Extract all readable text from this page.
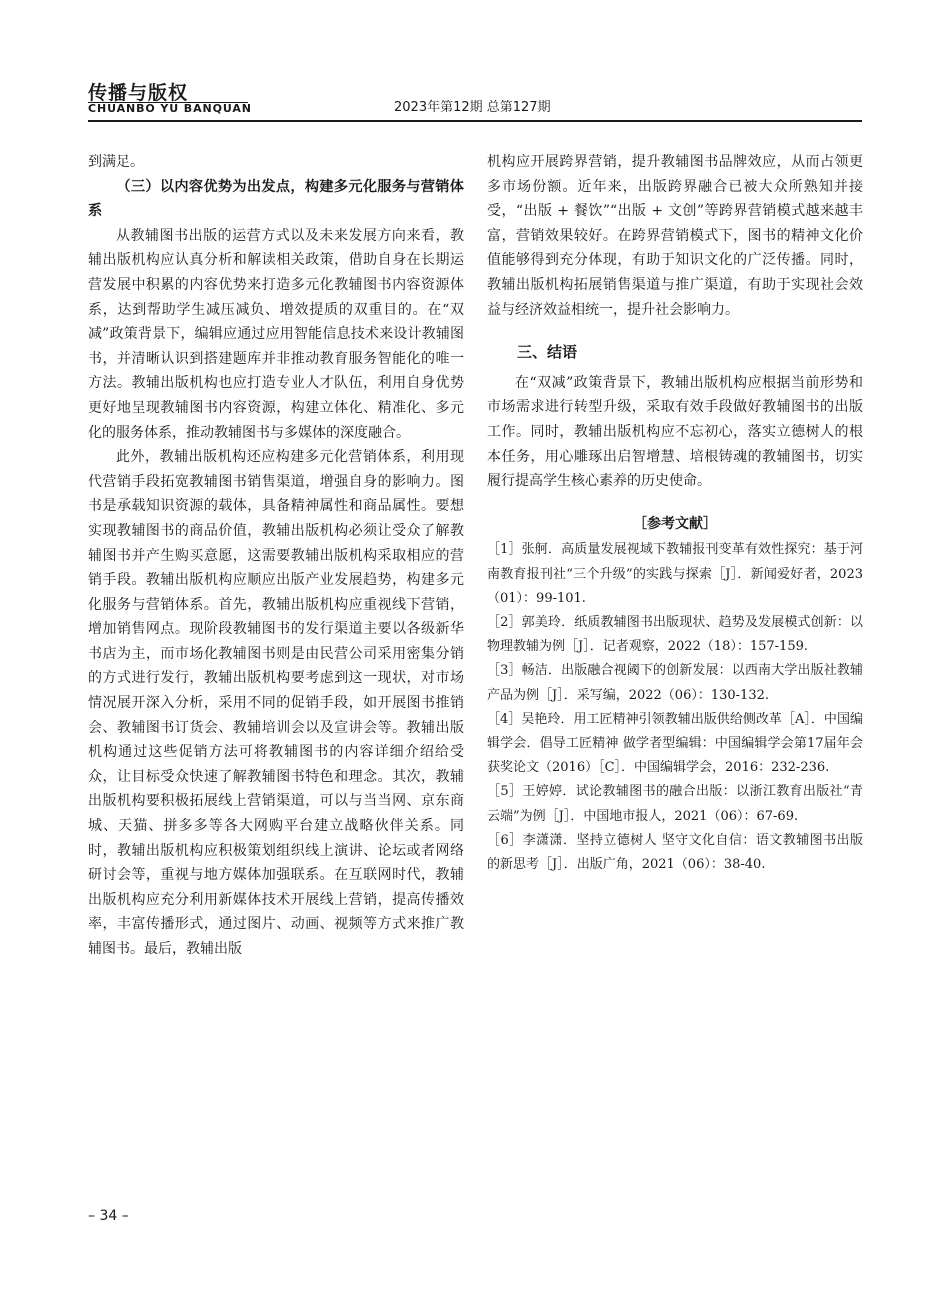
传播与版权
CHUANBO YU BANQUAN	2023年第12期 总第127期

到满足。

（三）以内容优势为出发点，构建多元化服务与营销体系

从教辅图书出版的运营方式以及未来发展方向来看，教辅出版机构应认真分析和解读相关政策，借助自身在长期运营发展中积累的内容优势来打造多元化教辅图书内容资源体系，达到帮助学生减压减负、增效提质的双重目的。在“双减”政策背景下，编辑应通过应用智能信息技术来设计教辅图书，并清晰认识到搭建题库并非推动教育服务智能化的唯一方法。教辅出版机构也应打造专业人才队伍，利用自身优势更好地呈现教辅图书内容资源，构建立体化、精准化、多元化的服务体系，推动教辅图书与多媒体的深度融合。

此外，教辅出版机构还应构建多元化营销体系，利用现代营销手段拓宽教辅图书销售渠道，增强自身的影响力。图书是承载知识资源的载体，具备精神属性和商品属性。要想实现教辅图书的商品价值，教辅出版机构必须让受众了解教辅图书并产生购买意愿，这需要教辅出版机构采取相应的营销手段。教辅出版机构应顺应出版产业发展趋势，构建多元化服务与营销体系。首先，教辅出版机构应重视线下营销，增加销售网点。现阶段教辅图书的发行渠道主要以各级新华书店为主，而市场化教辅图书则是由民营公司采用密集分销的方式进行发行，教辅出版机构要考虑到这一现状，对市场情况展开深入分析，采用不同的促销手段，如开展图书推销会、教辅图书订货会、教辅培训会以及宣讲会等。教辅出版机构通过这些促销方法可将教辅图书的内容详细介绍给受众，让目标受众快速了解教辅图书特色和理念。其次，教辅出版机构要积极拓展线上营销渠道，可以与当当网、京东商城、天猫、拼多多等各大网购平台建立战略伙伴关系。同时，教辅出版机构应积极策划组织线上演讲、论坛或者网络研讨会等，重视与地方媒体加强联系。在互联网时代，教辅出版机构应充分利用新媒体技术开展线上营销，提高传播效率，丰富传播形式，通过图片、动画、视频等方式来推广教辅图书。最后，教辅出版

机构应开展跨界营销，提升教辅图书品牌效应，从而占领更多市场份额。近年来，出版跨界融合已被大众所熟知并接受，“出版 + 餐饮”“出版 + 文创”等跨界营销模式越来越丰富，营销效果较好。在跨界营销模式下，图书的精神文化价值能够得到充分体现，有助于知识文化的广泛传播。同时，教辅出版机构拓展销售渠道与推广渠道，有助于实现社会效益与经济效益相统一，提升社会影响力。

三、结语

在“双减”政策背景下，教辅出版机构应根据当前形势和市场需求进行转型升级，采取有效手段做好教辅图书的出版工作。同时，教辅出版机构应不忘初心，落实立德树人的根本任务，用心雕琢出启智增慧、培根铸魂的教辅图书，切实履行提高学生核心素养的历史使命。

［参考文献］

［1］张舸．高质量发展视域下教辅报刊变革有效性探究：基于河南教育报刊社“三个升级”的实践与探索［J］．新闻爱好者，2023（01）：99-101.

［2］郭美玲．纸质教辅图书出版现状、趋势及发展模式创新：以物理教辅为例［J］．记者观察，2022（18）：157-159.

［3］畅洁．出版融合视阈下的创新发展：以西南大学出版社教辅产品为例［J］．采写编，2022（06）：130-132.

［4］吴艳玲．用工匠精神引领教辅出版供给侧改革［A］．中国编辑学会．倡导工匠精神 做学者型编辑：中国编辑学会第17届年会获奖论文（2016）［C］．中国编辑学会，2016：232-236.

［5］王婷婷．试论教辅图书的融合出版：以浙江教育出版社“青云端”为例［J］．中国地市报人，2021（06）：67-69.

［6］李潇潇．坚持立德树人 坚守文化自信：语文教辅图书出版的新思考［J］．出版广角，2021（06）：38-40.

– 34 –
